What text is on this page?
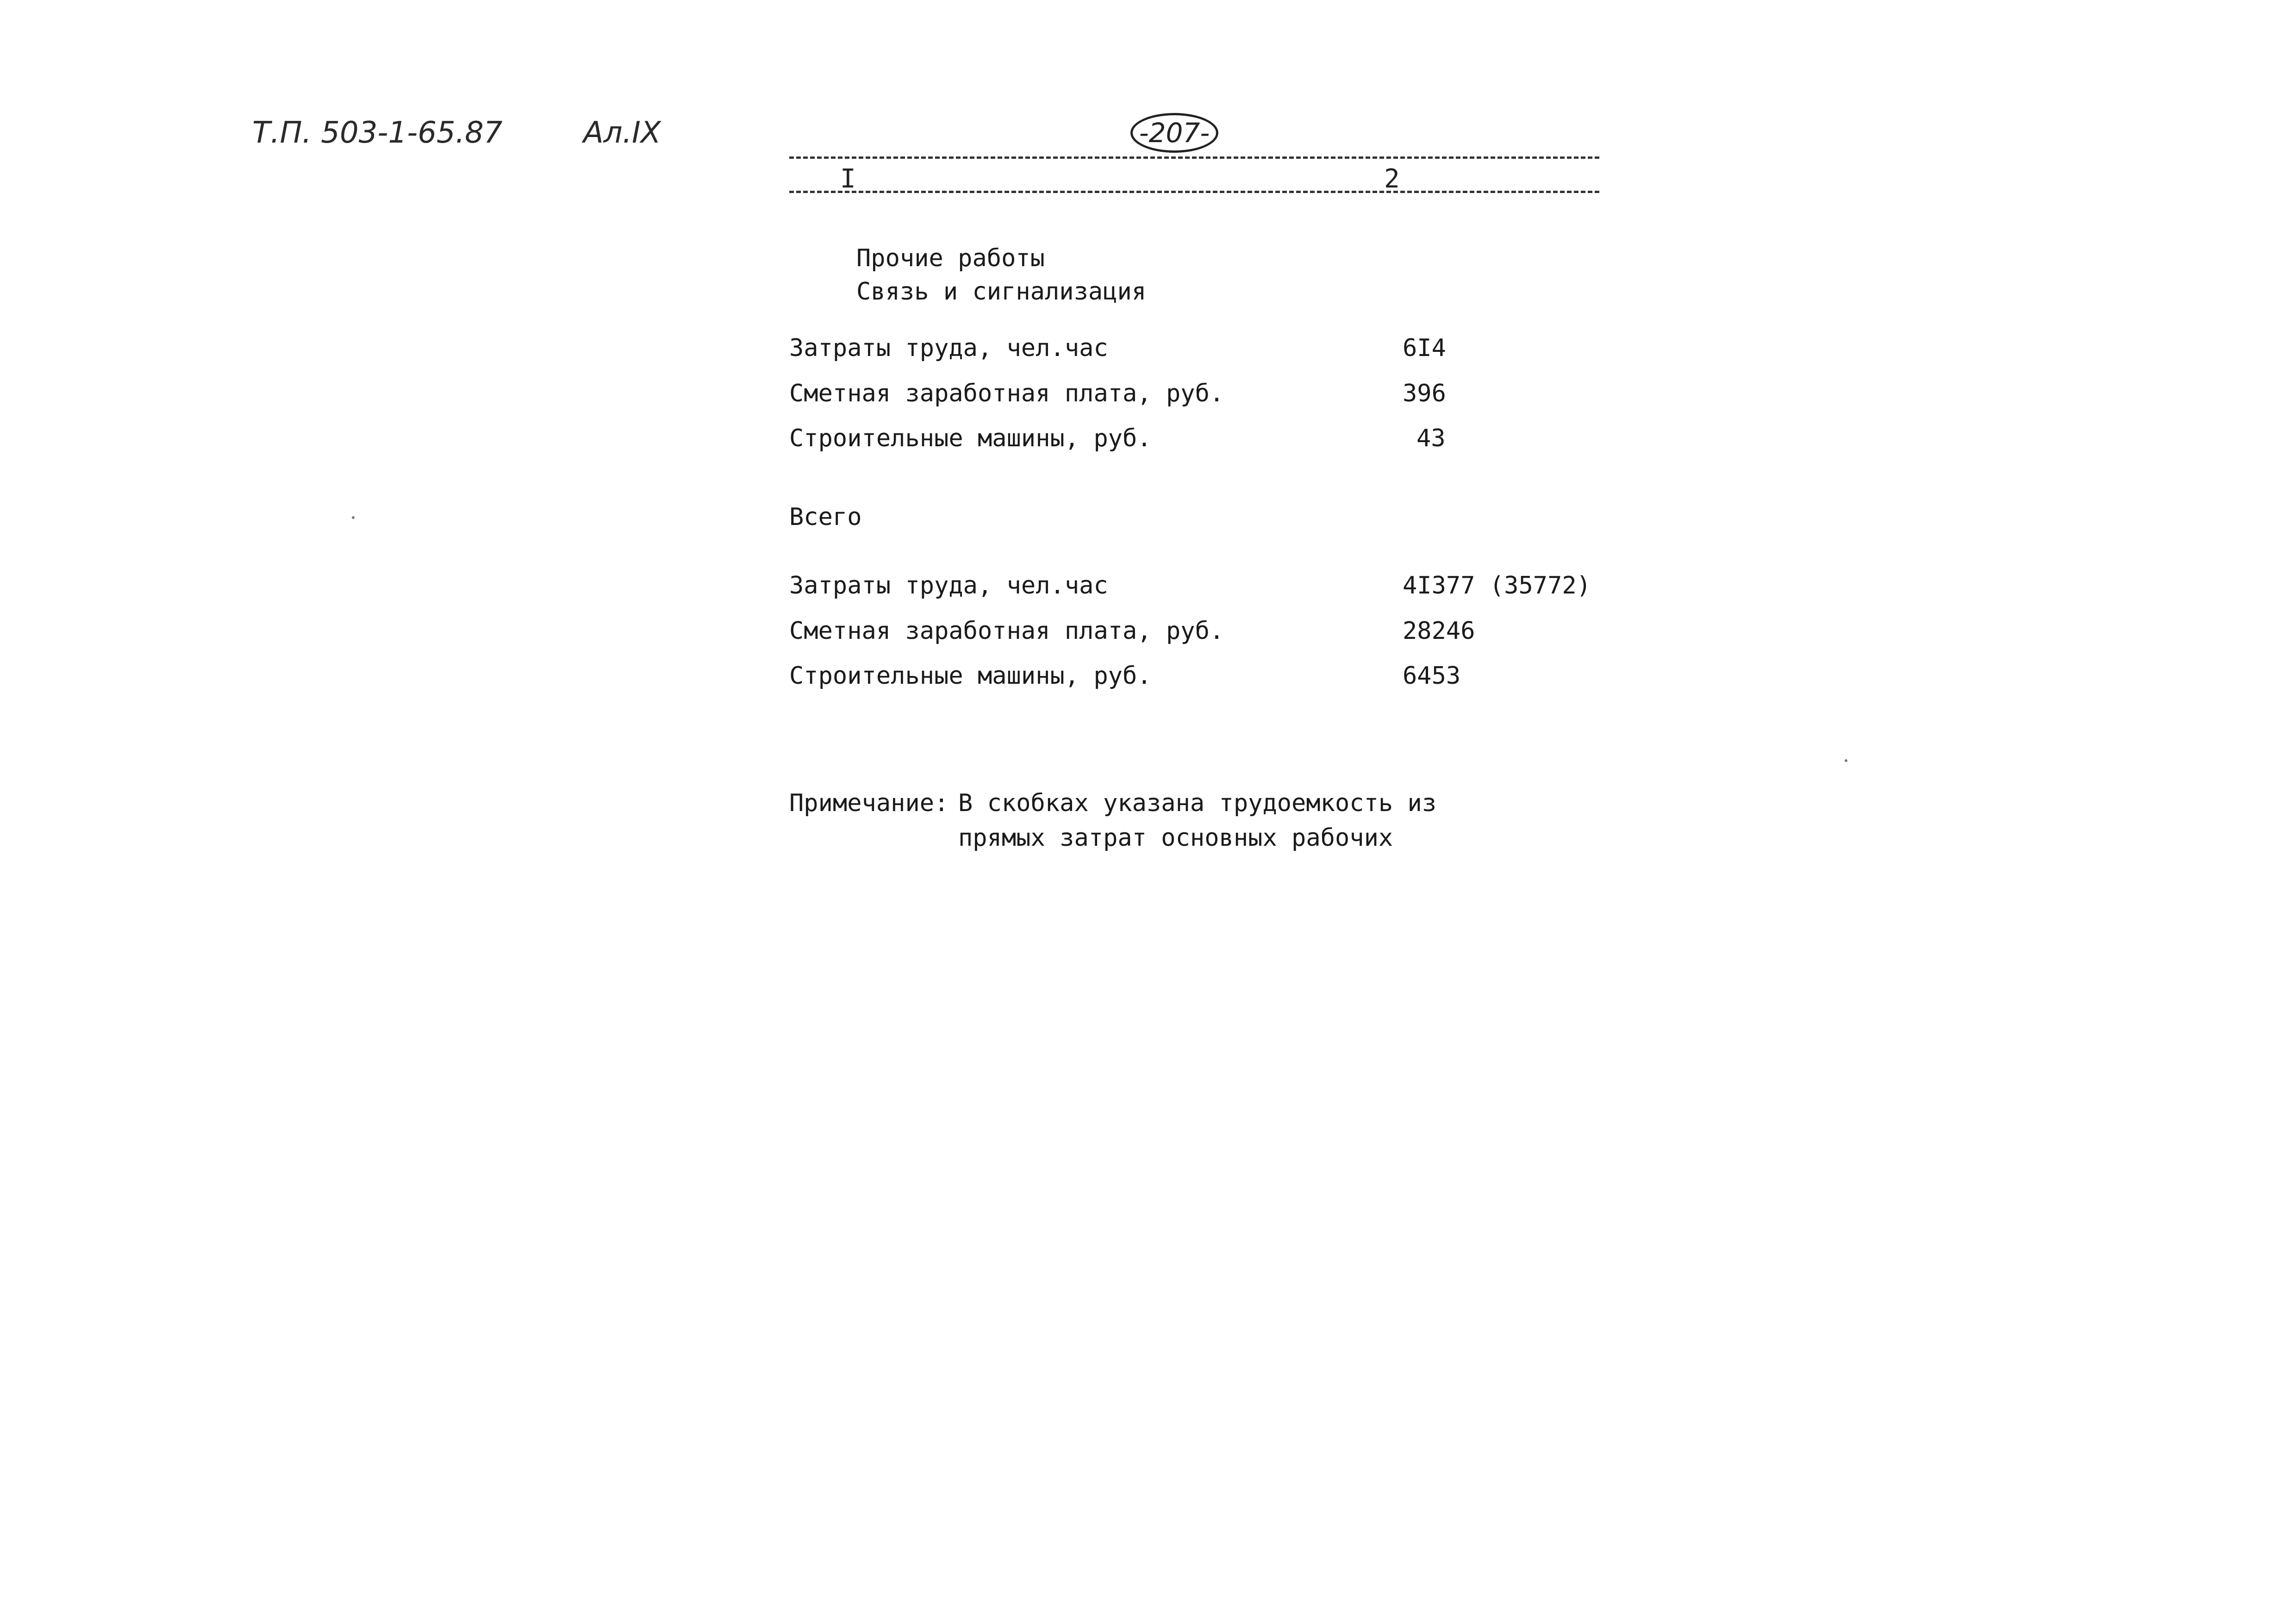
Т.П. 503-1-65.87	Ал.IX	-207-
I	2
Прочие работы
Связь и сигнализация
Затраты труда, чел.час	6I4
Сметная заработная плата, руб.	396
Строительные машины, руб.	43
Всего
Затраты труда, чел.час	4I377 (35772)
Сметная заработная плата, руб.	28246
Строительные машины, руб.	6453
Примечание: В скобках указана трудоемкость из
прямых затрат основных рабочих
